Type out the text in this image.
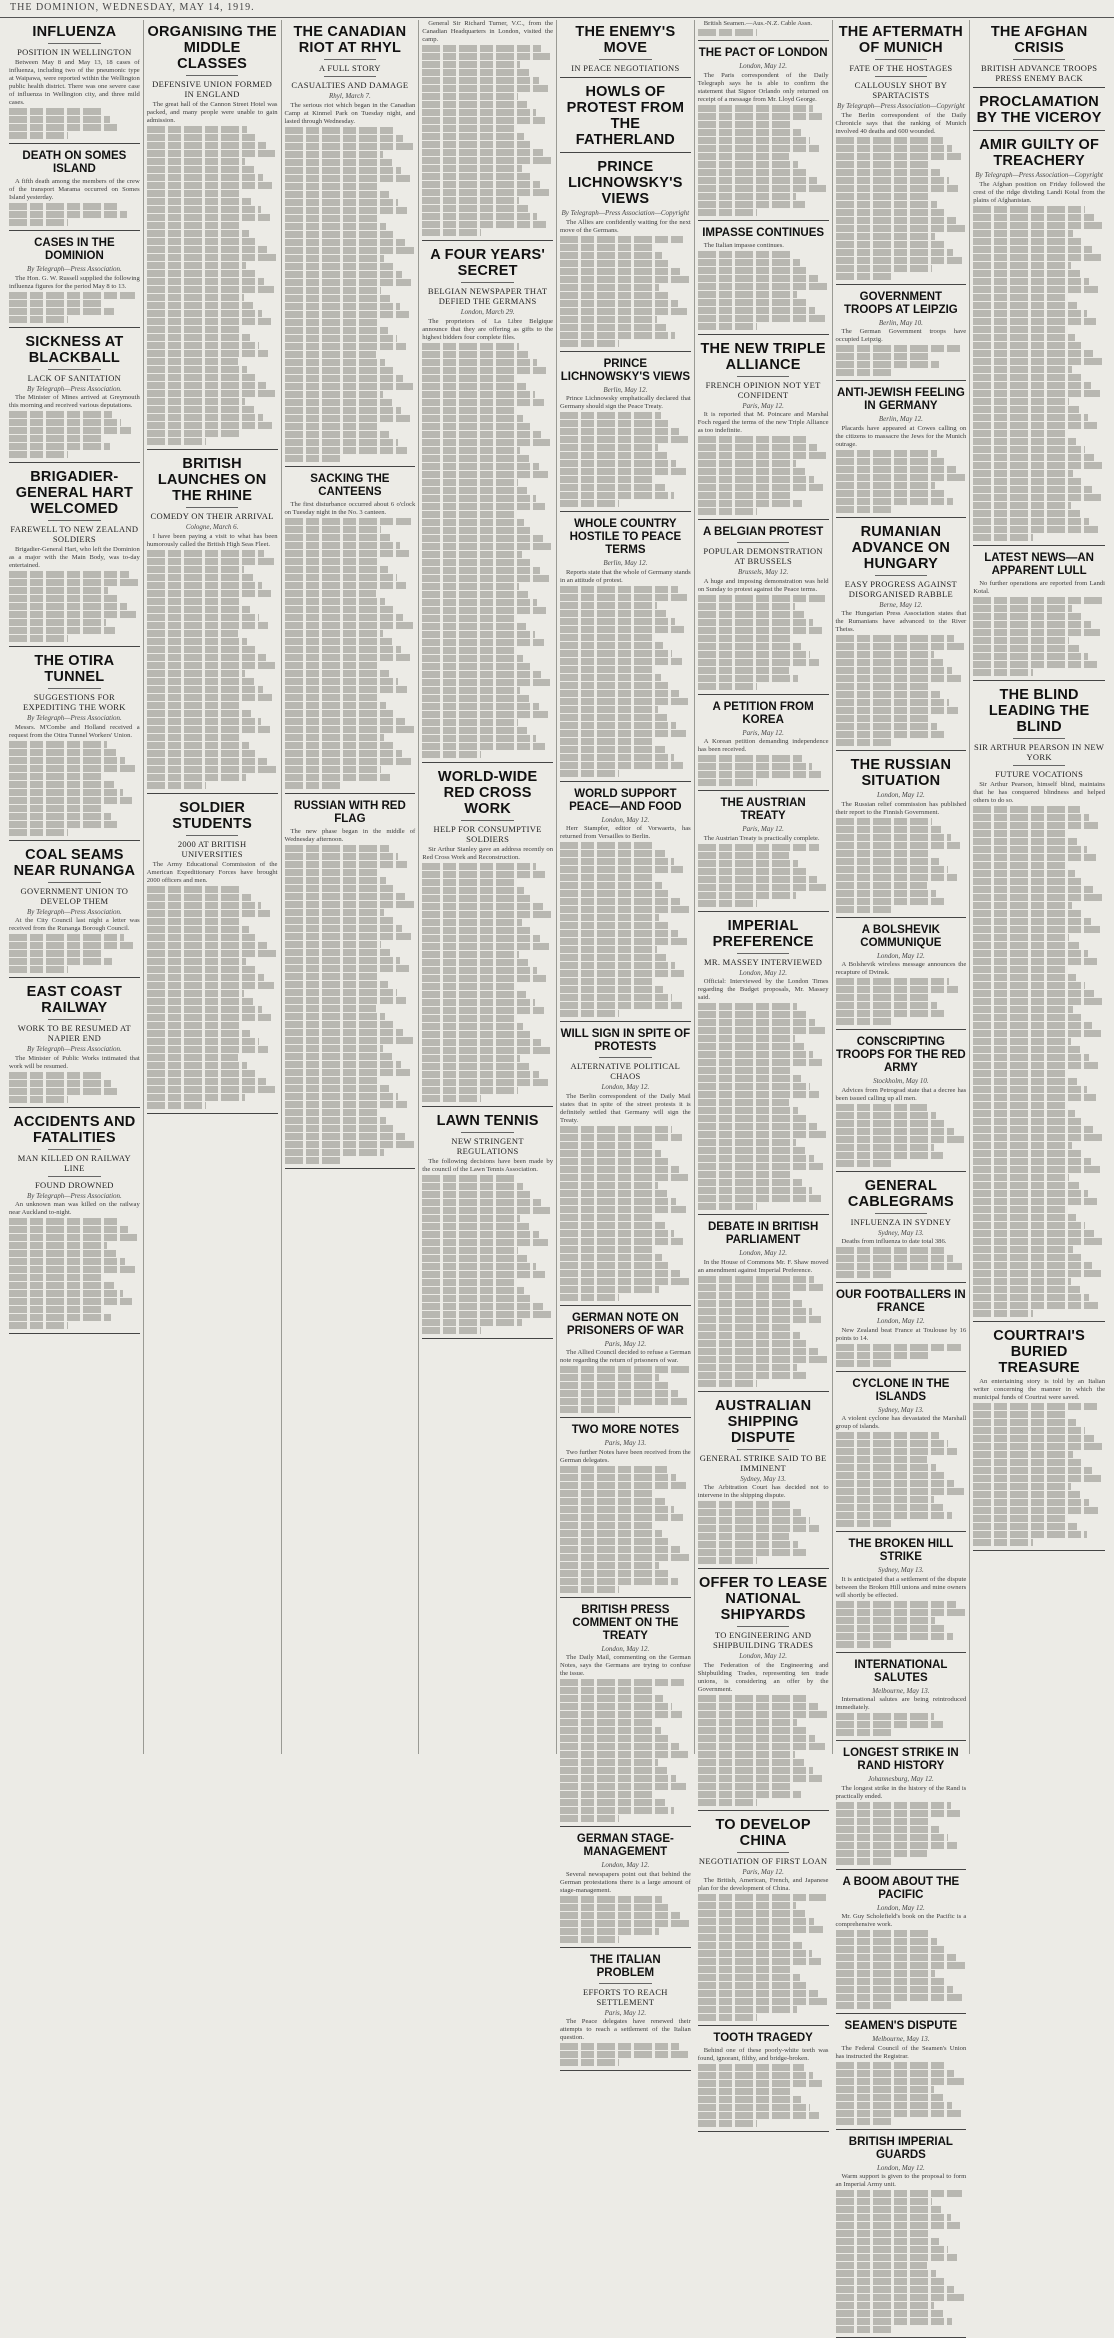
THE DOMINION, WEDNESDAY, MAY 14, 1919.
INFLUENZA
POSITION IN WELLINGTON

Between May 8 and May 13, 18 cases of influenza, including two of the pneumonic type at Waipawa, were reported within the Wellington public health district. There was one severe case of influenza in Wellington city, and three mild cases.

DEATH ON SOMES ISLAND

A fifth death among the members of the crew of the transport Marama occurred on Somes Island yesterday.

CASES IN THE DOMINION
By Telegraph—Press Association.

The Hon. G. W. Russell supplied the following influenza figures for the period May 8 to 13.

SICKNESS AT BLACKBALL
LACK OF SANITATION
By Telegraph—Press Association.

The Minister of Mines arrived at Greymouth this morning and received various deputations.

BRIGADIER-GENERAL HART WELCOMED
FAREWELL TO NEW ZEALAND SOLDIERS

Brigadier-General Hart, who left the Dominion as a major with the Main Body, was to-day entertained.

THE OTIRA TUNNEL
SUGGESTIONS FOR EXPEDITING THE WORK
By Telegraph—Press Association.

Messrs. M'Combe and Holland received a request from the Otira Tunnel Workers' Union.

COAL SEAMS NEAR RUNANGA
GOVERNMENT UNION TO DEVELOP THEM
By Telegraph—Press Association.

At the City Council last night a letter was received from the Runanga Borough Council.

EAST COAST RAILWAY
WORK TO BE RESUMED AT NAPIER END
By Telegraph—Press Association.

The Minister of Public Works intimated that work will be resumed.

ACCIDENTS AND FATALITIES
MAN KILLED ON RAILWAY LINE
FOUND DROWNED
By Telegraph—Press Association.

An unknown man was killed on the railway near Auckland to-night.

ORGANISING THE MIDDLE CLASSES
DEFENSIVE UNION FORMED IN ENGLAND

The great hall of the Cannon Street Hotel was packed, and many people were unable to gain admission.

BRITISH LAUNCHES ON THE RHINE
COMEDY ON THEIR ARRIVAL
Cologne, March 6.

I have been paying a visit to what has been humorously called the British High Seas Fleet.

SOLDIER STUDENTS
2000 AT BRITISH UNIVERSITIES

The Army Educational Commission of the American Expeditionary Forces have brought 2000 officers and men.

THE CANADIAN RIOT AT RHYL
A FULL STORY
CASUALTIES AND DAMAGE
Rhyl, March 7.

The serious riot which began in the Canadian Camp at Kinmel Park on Tuesday night, and lasted through Wednesday.

SACKING THE CANTEENS

The first disturbance occurred about 6 o'clock on Tuesday night in the No. 3 canteen.

RUSSIAN WITH RED FLAG

The new phase began in the middle of Wednesday afternoon.

General Sir Richard Turner, V.C., from the Canadian Headquarters in London, visited the camp.

A FOUR YEARS' SECRET
BELGIAN NEWSPAPER THAT DEFIED THE GERMANS
London, March 29.

The proprietors of La Libre Belgique announce that they are offering as gifts to the highest bidders four complete files.

WORLD-WIDE RED CROSS WORK
HELP FOR CONSUMPTIVE SOLDIERS

Sir Arthur Stanley gave an address recently on Red Cross Work and Reconstruction.

LAWN TENNIS
NEW STRINGENT REGULATIONS

The following decisions have been made by the council of the Lawn Tennis Association.

THE ENEMY'S MOVE
IN PEACE NEGOTIATIONS
HOWLS OF PROTEST FROM THE FATHERLAND
PRINCE LICHNOWSKY'S VIEWS
By Telegraph—Press Association—Copyright

The Allies are confidently waiting for the next move of the Germans.

PRINCE LICHNOWSKY'S VIEWS
Berlin, May 12.

Prince Lichnowsky emphatically declared that Germany should sign the Peace Treaty.

WHOLE COUNTRY HOSTILE TO PEACE TERMS
Berlin, May 12.

Reports state that the whole of Germany stands in an attitude of protest.

WORLD SUPPORT PEACE—AND FOOD
London, May 12.

Herr Stampfer, editor of Vorwaerts, has returned from Versailles to Berlin.

WILL SIGN IN SPITE OF PROTESTS
ALTERNATIVE POLITICAL CHAOS
London, May 12.

The Berlin correspondent of the Daily Mail states that in spite of the street protests it is definitely settled that Germany will sign the Treaty.

GERMAN NOTE ON PRISONERS OF WAR
Paris, May 12.

The Allied Council decided to refuse a German note regarding the return of prisoners of war.

TWO MORE NOTES
Paris, May 13.

Two further Notes have been received from the German delegates.

BRITISH PRESS COMMENT ON THE TREATY
London, May 12.

The Daily Mail, commenting on the German Notes, says the Germans are trying to confuse the issue.

GERMAN STAGE-MANAGEMENT
London, May 12.

Several newspapers point out that behind the German protestations there is a large amount of stage-management.

THE ITALIAN PROBLEM
EFFORTS TO REACH SETTLEMENT
Paris, May 12.

The Peace delegates have renewed their attempts to reach a settlement of the Italian question.

British Seamen.—Aus.-N.Z. Cable Assn.

THE PACT OF LONDON
London, May 12.

The Paris correspondent of the Daily Telegraph says he is able to confirm the statement that Signor Orlando only returned on receipt of a message from Mr. Lloyd George.

IMPASSE CONTINUES

The Italian impasse continues.

THE NEW TRIPLE ALLIANCE
FRENCH OPINION NOT YET CONFIDENT
Paris, May 12.

It is reported that M. Poincare and Marshal Foch regard the terms of the new Triple Alliance as too indefinite.

A BELGIAN PROTEST
POPULAR DEMONSTRATION AT BRUSSELS
Brussels, May 12.

A huge and imposing demonstration was held on Sunday to protest against the Peace terms.

A PETITION FROM KOREA
Paris, May 12.

A Korean petition demanding independence has been received.

THE AUSTRIAN TREATY
Paris, May 12.

The Austrian Treaty is practically complete.

IMPERIAL PREFERENCE
MR. MASSEY INTERVIEWED
London, May 12.

Official: Interviewed by the London Times regarding the Budget proposals, Mr. Massey said.

DEBATE IN BRITISH PARLIAMENT
London, May 12.

In the House of Commons Mr. F. Shaw moved an amendment against Imperial Preference.

AUSTRALIAN SHIPPING DISPUTE
GENERAL STRIKE SAID TO BE IMMINENT
Sydney, May 13.

The Arbitration Court has decided not to intervene in the shipping dispute.

OFFER TO LEASE NATIONAL SHIPYARDS
TO ENGINEERING AND SHIPBUILDING TRADES
London, May 12.

The Federation of the Engineering and Shipbuilding Trades, representing ten trade unions, is considering an offer by the Government.

TO DEVELOP CHINA
NEGOTIATION OF FIRST LOAN
Paris, May 12.

The British, American, French, and Japanese plan for the development of China.

TOOTH TRAGEDY

Behind one of these poorly-white teeth was found, ignorant, filthy, and bridge-broken.

THE AFTERMATH OF MUNICH
FATE OF THE HOSTAGES
CALLOUSLY SHOT BY SPARTACISTS
By Telegraph—Press Association—Copyright

The Berlin correspondent of the Daily Chronicle says that the ranking of Munich involved 40 deaths and 600 wounded.

GOVERNMENT TROOPS AT LEIPZIG
Berlin, May 10.

The German Government troops have occupied Leipzig.

ANTI-JEWISH FEELING IN GERMANY
Berlin, May 12.

Placards have appeared at Cowes calling on the citizens to massacre the Jews for the Munich outrage.

RUMANIAN ADVANCE ON HUNGARY
EASY PROGRESS AGAINST DISORGANISED RABBLE
Berne, May 12.

The Hungarian Press Association states that the Rumanians have advanced to the River Theiss.

THE RUSSIAN SITUATION
London, May 12.

The Russian relief commission has published their report to the Finnish Government.

A BOLSHEVIK COMMUNIQUE
London, May 12.

A Bolshevik wireless message announces the recapture of Dvinsk.

CONSCRIPTING TROOPS FOR THE RED ARMY
Stockholm, May 10.

Advices from Petrograd state that a decree has been issued calling up all men.

GENERAL CABLEGRAMS
INFLUENZA IN SYDNEY
Sydney, May 13.

Deaths from influenza to date total 386.

OUR FOOTBALLERS IN FRANCE
London, May 12.

New Zealand beat France at Toulouse by 16 points to 14.

CYCLONE IN THE ISLANDS
Sydney, May 13.

A violent cyclone has devastated the Marshall group of islands.

THE BROKEN HILL STRIKE
Sydney, May 13.

It is anticipated that a settlement of the dispute between the Broken Hill unions and mine owners will shortly be effected.

INTERNATIONAL SALUTES
Melbourne, May 13.

International salutes are being reintroduced immediately.

LONGEST STRIKE IN RAND HISTORY
Johannesburg, May 12.

The longest strike in the history of the Rand is practically ended.

A BOOM ABOUT THE PACIFIC
London, May 12.

Mr. Guy Scholefield's book on the Pacific is a comprehensive work.

SEAMEN'S DISPUTE
Melbourne, May 13.

The Federal Council of the Seamen's Union has instructed the Registrar.

BRITISH IMPERIAL GUARDS
London, May 12.

Warm support is given to the proposal to form an Imperial Army unit.

THE AFGHAN CRISIS
BRITISH ADVANCE TROOPS PRESS ENEMY BACK
PROCLAMATION BY THE VICEROY
AMIR GUILTY OF TREACHERY
By Telegraph—Press Association—Copyright

The Afghan position on Friday followed the crest of the ridge dividing Landi Kotal from the plains of Afghanistan.

LATEST NEWS—AN APPARENT LULL

No further operations are reported from Landi Kotal.

THE BLIND LEADING THE BLIND
SIR ARTHUR PEARSON IN NEW YORK
FUTURE VOCATIONS

Sir Arthur Pearson, himself blind, maintains that he has conquered blindness and helped others to do so.

COURTRAI'S BURIED TREASURE

An entertaining story is told by an Italian writer concerning the manner in which the municipal funds of Courtrai were saved.
